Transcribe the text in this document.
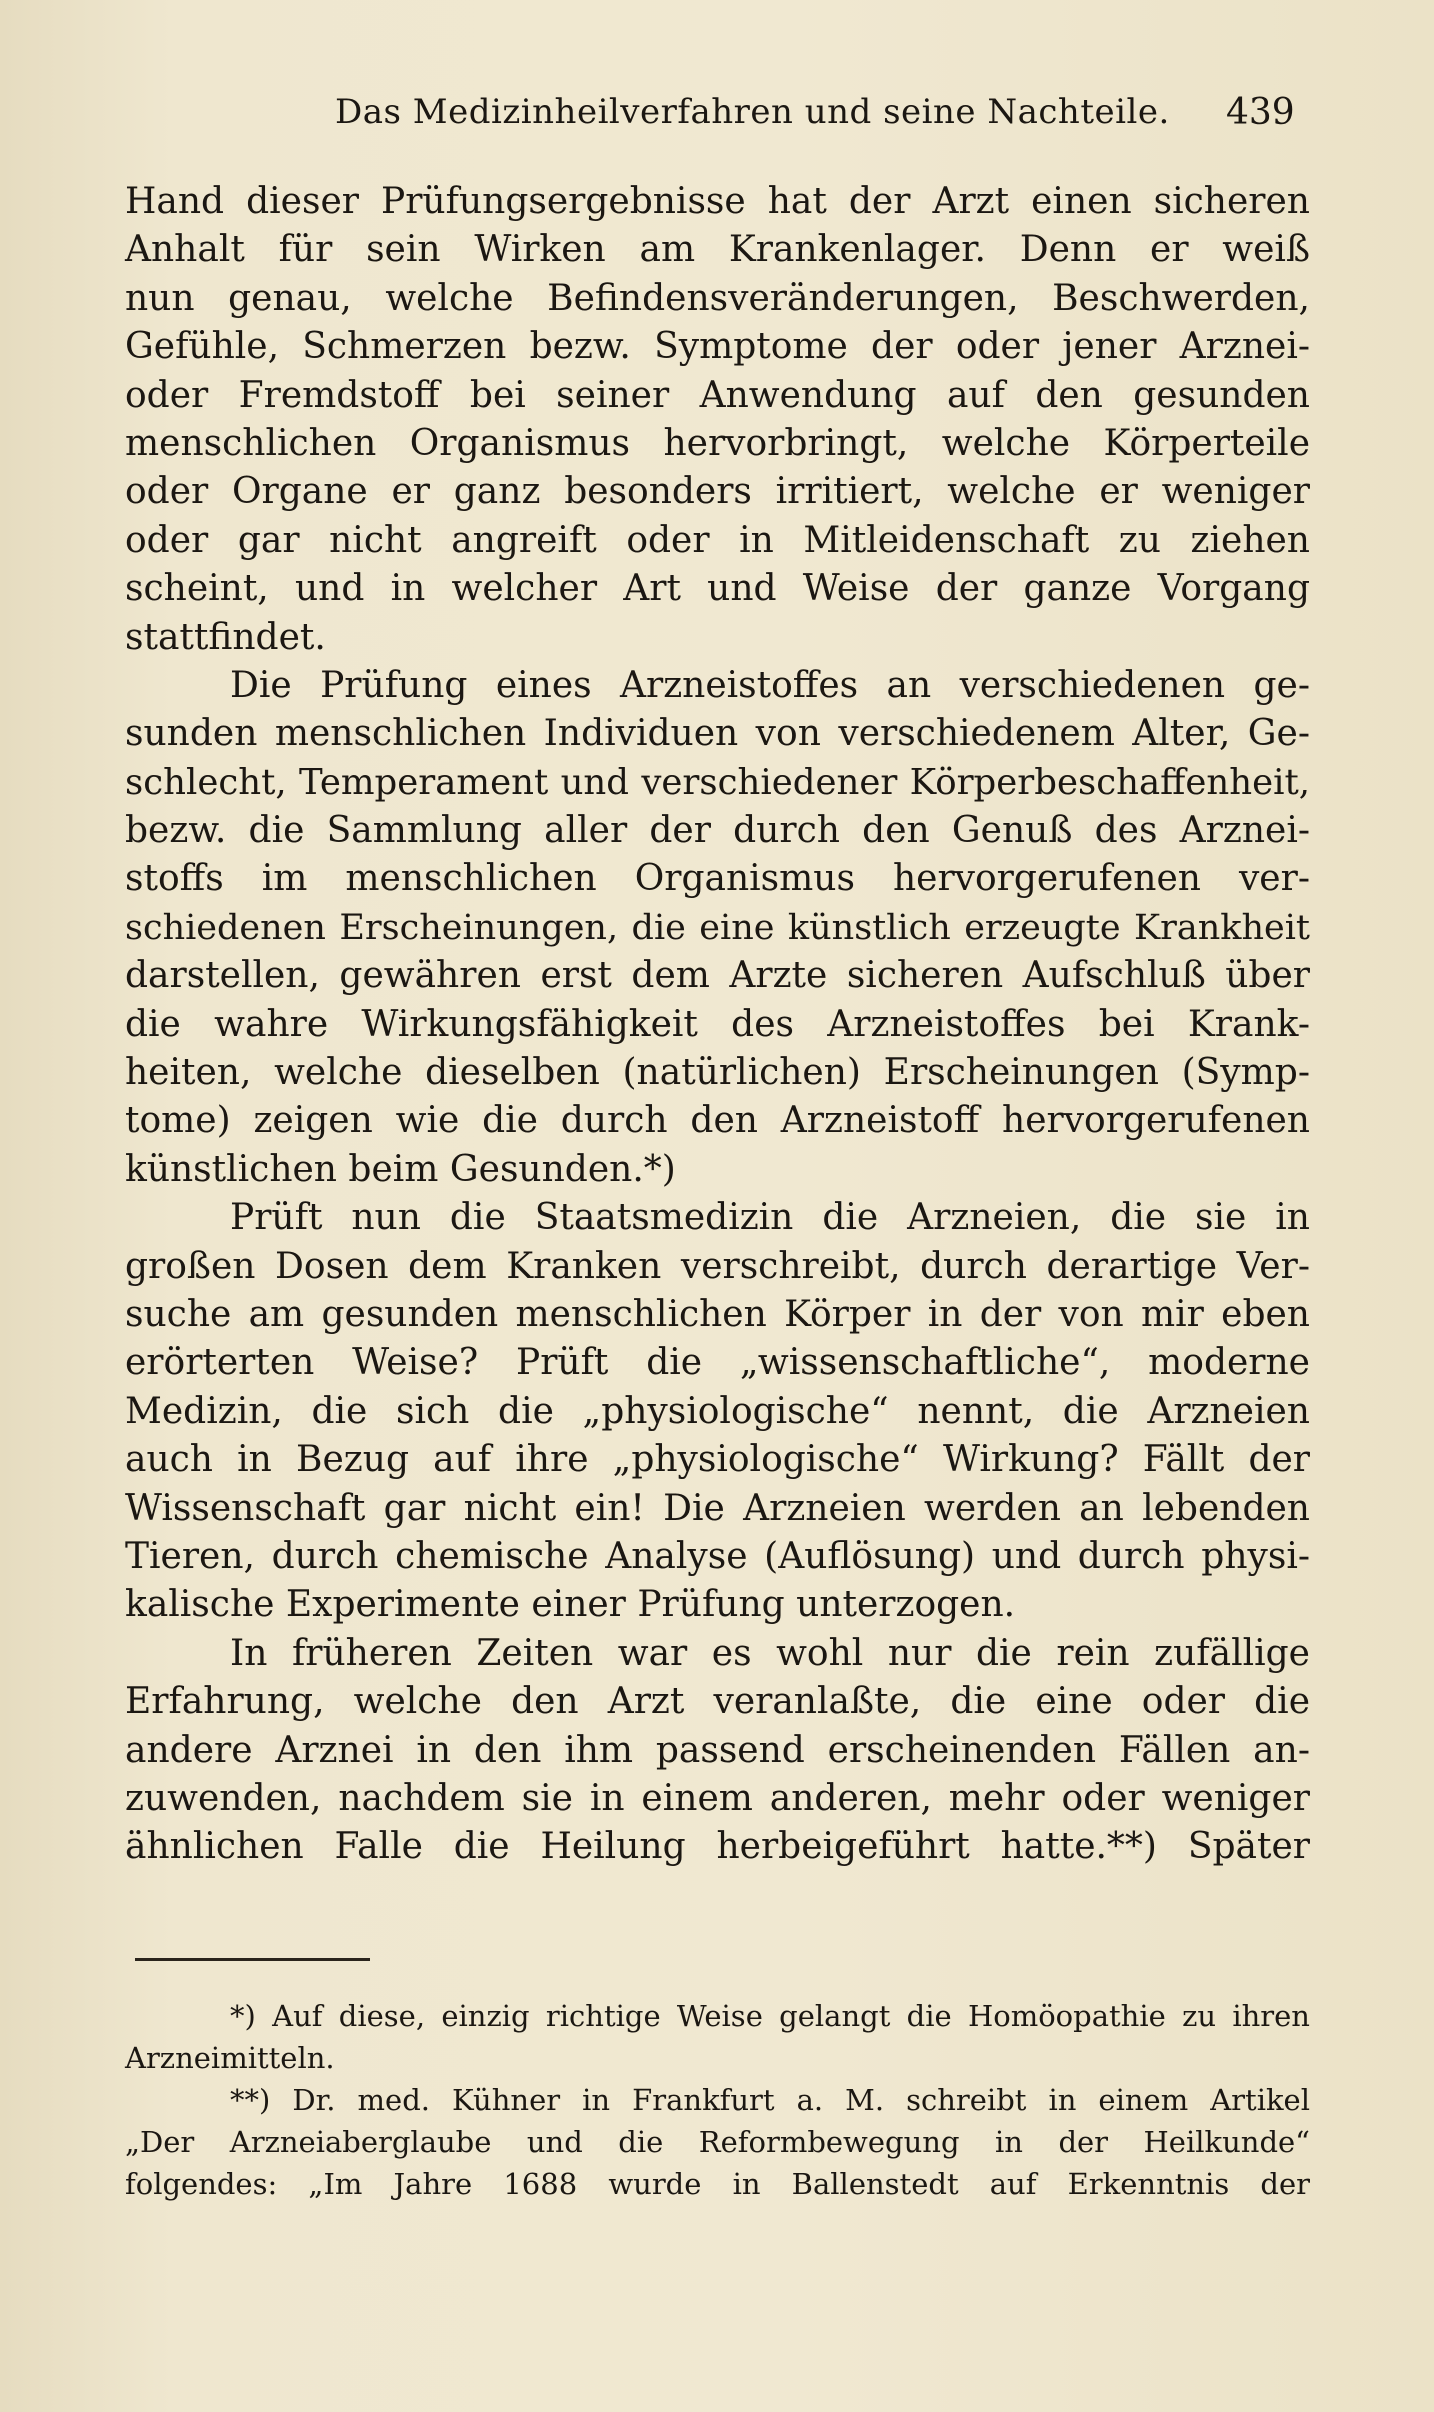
Das Medizinheilverfahren und seine Nachteile. 439
Hand dieser Prüfungsergebnisse hat der Arzt einen sicheren
Anhalt für sein Wirken am Krankenlager. Denn er weiß
nun genau, welche Befindensveränderungen, Beschwerden,
Gefühle, Schmerzen bezw. Symptome der oder jener Arznei-
oder Fremdstoff bei seiner Anwendung auf den gesunden
menschlichen Organismus hervorbringt, welche Körperteile
oder Organe er ganz besonders irritiert, welche er weniger
oder gar nicht angreift oder in Mitleidenschaft zu ziehen
scheint, und in welcher Art und Weise der ganze Vorgang
stattfindet.
Die Prüfung eines Arzneistoffes an verschiedenen ge-
sunden menschlichen Individuen von verschiedenem Alter, Ge-
schlecht, Temperament und verschiedener Körperbeschaffenheit,
bezw. die Sammlung aller der durch den Genuß des Arznei-
stoffs im menschlichen Organismus hervorgerufenen ver-
schiedenen Erscheinungen, die eine künstlich erzeugte Krankheit
darstellen, gewähren erst dem Arzte sicheren Aufschluß über
die wahre Wirkungsfähigkeit des Arzneistoffes bei Krank-
heiten, welche dieselben (natürlichen) Erscheinungen (Symp-
tome) zeigen wie die durch den Arzneistoff hervorgerufenen
künstlichen beim Gesunden.*)
Prüft nun die Staatsmedizin die Arzneien, die sie in
großen Dosen dem Kranken verschreibt, durch derartige Ver-
suche am gesunden menschlichen Körper in der von mir eben
erörterten Weise? Prüft die „wissenschaftliche“, moderne
Medizin, die sich die „physiologische“ nennt, die Arzneien
auch in Bezug auf ihre „physiologische“ Wirkung? Fällt der
Wissenschaft gar nicht ein! Die Arzneien werden an lebenden
Tieren, durch chemische Analyse (Auflösung) und durch physi-
kalische Experimente einer Prüfung unterzogen.
In früheren Zeiten war es wohl nur die rein zufällige
Erfahrung, welche den Arzt veranlaßte, die eine oder die
andere Arznei in den ihm passend erscheinenden Fällen an-
zuwenden, nachdem sie in einem anderen, mehr oder weniger
ähnlichen Falle die Heilung herbeigeführt hatte.**) Später
*) Auf diese, einzig richtige Weise gelangt die Homöopathie zu ihren
Arzneimitteln.
**) Dr. med. Kühner in Frankfurt a. M. schreibt in einem Artikel
„Der Arzneiaberglaube und die Reformbewegung in der Heilkunde“
folgendes: „Im Jahre 1688 wurde in Ballenstedt auf Erkenntnis der
